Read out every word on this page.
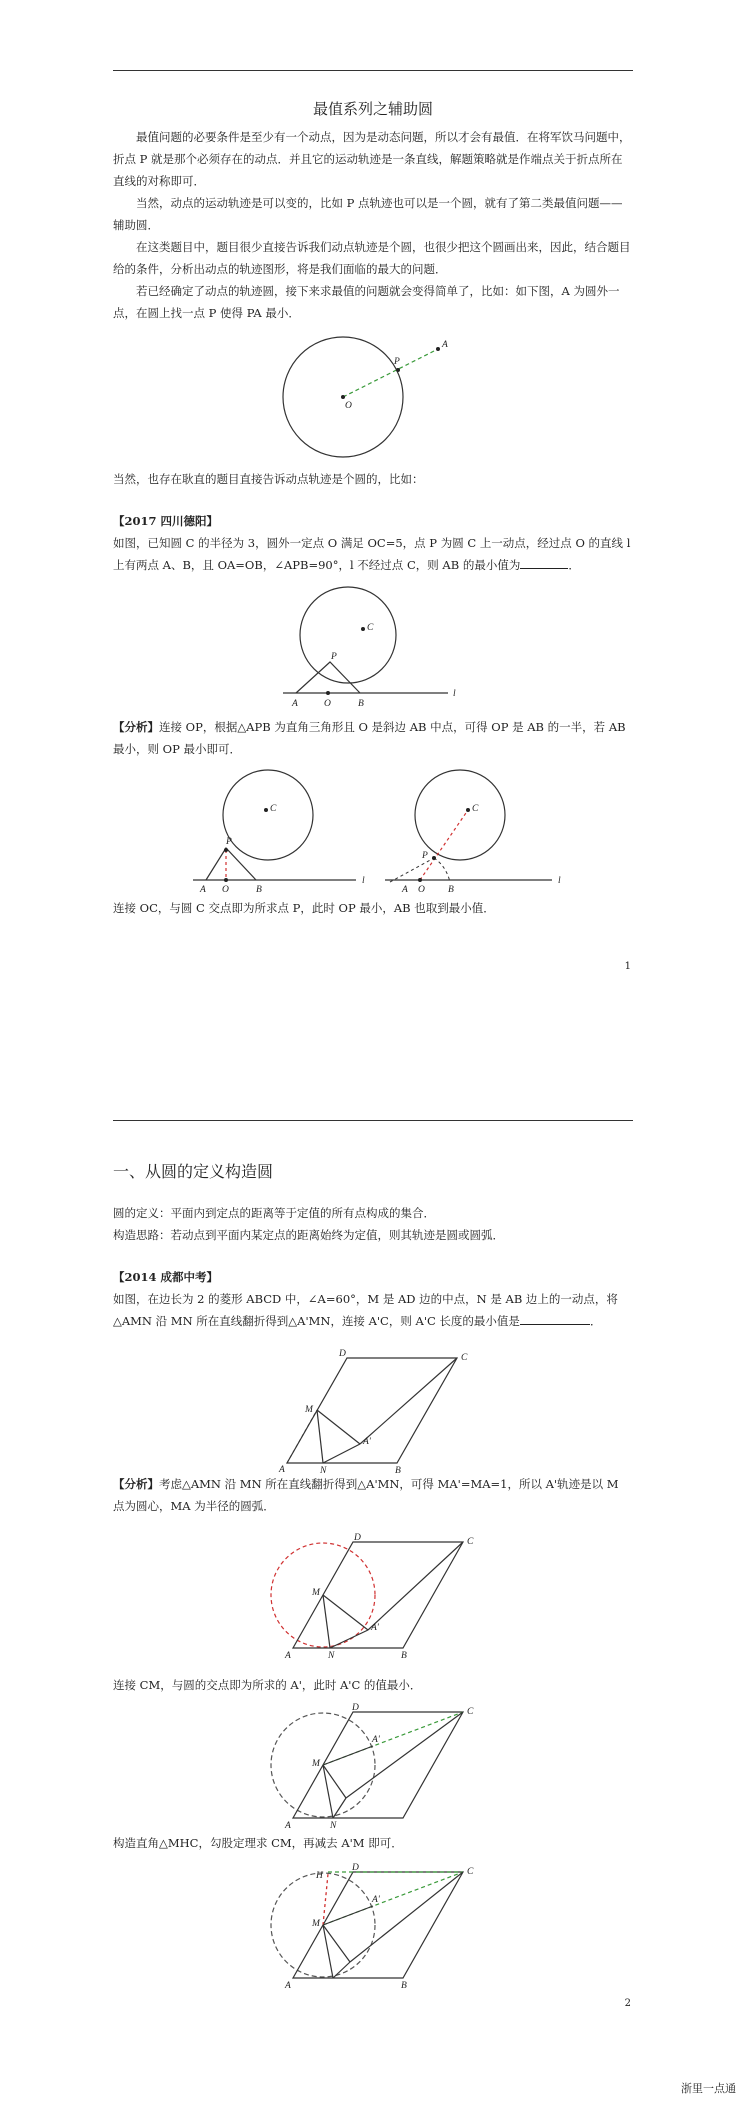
最值系列之辅助圆

最值问题的必要条件是至少有一个动点，因为是动态问题，所以才会有最值．在将军饮马问题中，折点 P 就是那个必须存在的动点．并且它的运动轨迹是一条直线，解题策略就是作端点关于折点所在直线的对称即可．

当然，动点的运动轨迹是可以变的，比如 P 点轨迹也可以是一个圆，就有了第二类最值问题——辅助圆．

在这类题目中，题目很少直接告诉我们动点轨迹是个圆，也很少把这个圆画出来，因此，结合题目给的条件，分析出动点的轨迹图形，将是我们面临的最大的问题．

若已经确定了动点的轨迹圆，接下来求最值的问题就会变得简单了，比如：如下图，A 为圆外一点，在圆上找一点 P 使得 PA 最小．

O
P
A

当然，也存在耿直的题目直接告诉动点轨迹是个圆的，比如：

【2017 四川德阳】

如图，已知圆 C 的半径为 3，圆外一定点 O 满足 OC=5，点 P 为圆 C 上一动点，经过点 O 的直线 l 上有两点 A、B，且 OA=OB，∠APB=90°，l 不经过点 C，则 AB 的最小值为	．

C
P
A	O	B
l

【分析】连接 OP，根据△APB 为直角三角形且 O 是斜边 AB 中点，可得 OP 是 AB 的一半，若 AB 最小，则 OP 最小即可．

C
P
A O	B
l
C
P
A O B
l

连接 OC，与圆 C 交点即为所求点 P，此时 OP 最小，AB 也取到最小值．

1
一、从圆的定义构造圆

圆的定义：平面内到定点的距离等于定值的所有点构成的集合．

构造思路：若动点到平面内某定点的距离始终为定值，则其轨迹是圆或圆弧．

【2014 成都中考】

如图，在边长为 2 的菱形 ABCD 中，∠A=60°，M 是 AD 边的中点，N 是 AB 边上的一动点，将△AMN 沿 MN 所在直线翻折得到△A'MN，连接 A'C，则 A'C 长度的最小值是	．

D	C
M
A'
A	N	B

【分析】考虑△AMN 沿 MN 所在直线翻折得到△A'MN，可得 MA'=MA=1，所以 A'轨迹是以 M 点为圆心，MA 为半径的圆弧．

D	C
M
A'
A	N	B

连接 CM，与圆的交点即为所求的 A'，此时 A'C 的值最小．

D	C
A'
M
A	N

构造直角△MHC，勾股定理求 CM，再减去 A'M 即可．

D	C
H
A'
M
A	B
2
浙里一点通
